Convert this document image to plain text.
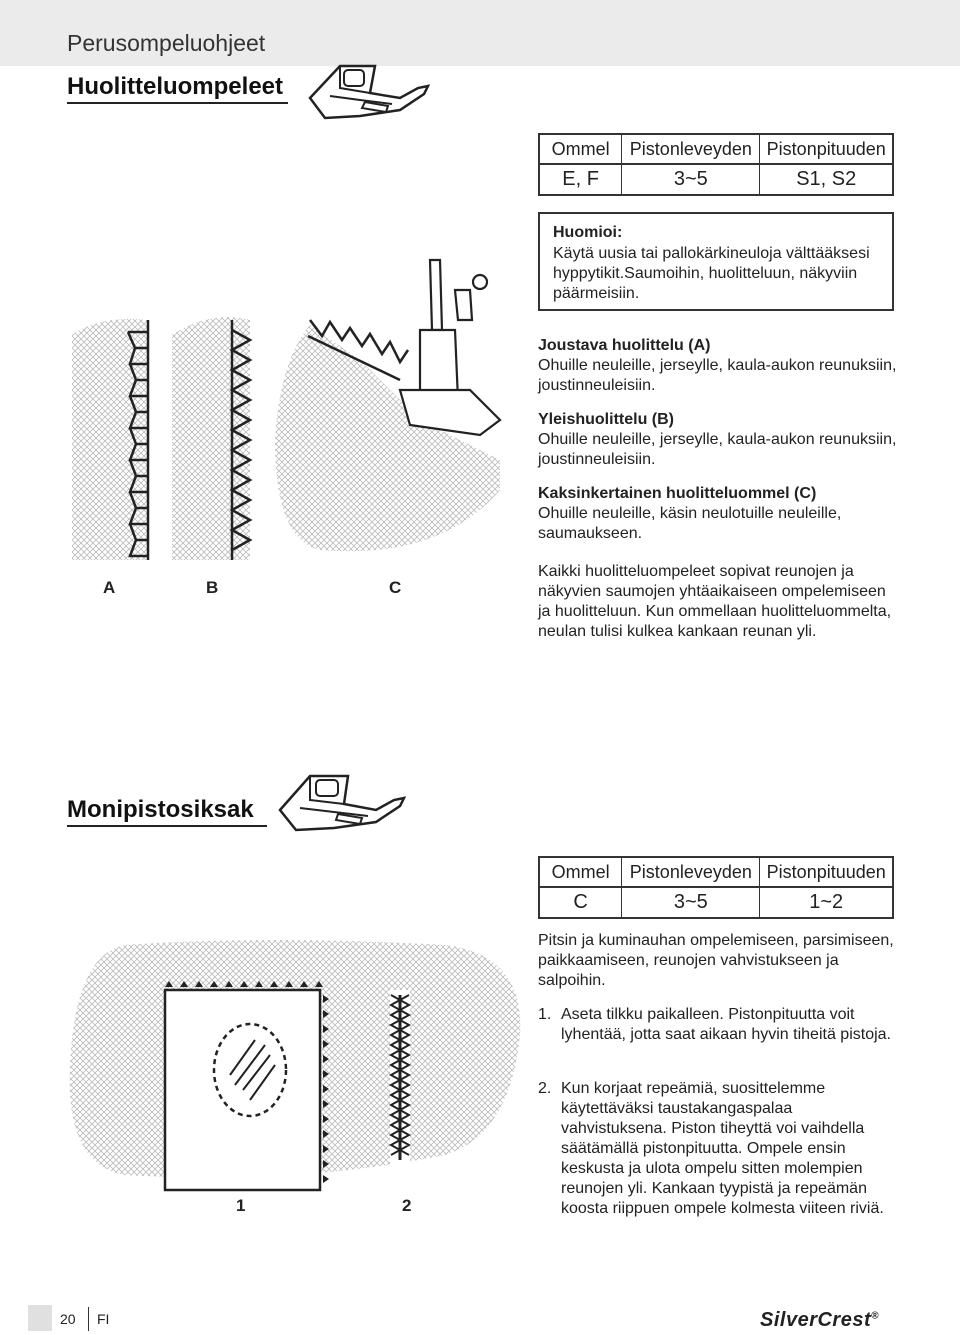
Perusompeluohjeet
Huolitteluompeleet
Ommel	Pistonleveyden	Pistonpituuden
E, F	3~5	S1, S2
Huomioi:
Käytä uusia tai pallokärkineuloja välttääksesi hyppytikit.Saumoihin, huolitteluun, näkyviin päärmeisiin.
Joustava huolittelu (A)
Ohuille neuleille, jerseylle, kaula-aukon reunuksiin, joustinneuleisiin.
Yleishuolittelu (B)
Ohuille neuleille, jerseylle, kaula-aukon reunuksiin, joustinneuleisiin.
Kaksinkertainen huolitteluommel (C)
Ohuille neuleille, käsin neulotuille neuleille, saumaukseen.
Kaikki huolitteluompeleet sopivat reunojen ja näkyvien saumojen yhtäaikaiseen ompelemiseen ja huolitteluun. Kun ommellaan huolitteluommelta, neulan tulisi kulkea kankaan reunan yli.
A	B	C
Monipistosiksak
Ommel	Pistonleveyden	Pistonpituuden
C	3~5	1~2
Pitsin ja kuminauhan ompelemiseen, parsimiseen, paikkaamiseen, reunojen vahvistukseen ja salpoihin.
1. Aseta tilkku paikalleen. Pistonpituutta voit lyhentää, jotta saat aikaan hyvin tiheitä pistoja.
2. Kun korjaat repeämiä, suosittelemme käytettäväksi taustakangaspalaa vahvistuksena. Piston tiheyttä voi vaihdella säätämällä pistonpituutta. Ompele ensin keskusta ja ulota ompelu sitten molempien reunojen yli. Kankaan tyypistä ja repeämän koosta riippuen ompele kolmesta viiteen riviä.
1	2
20 FI	SilverCrest®
